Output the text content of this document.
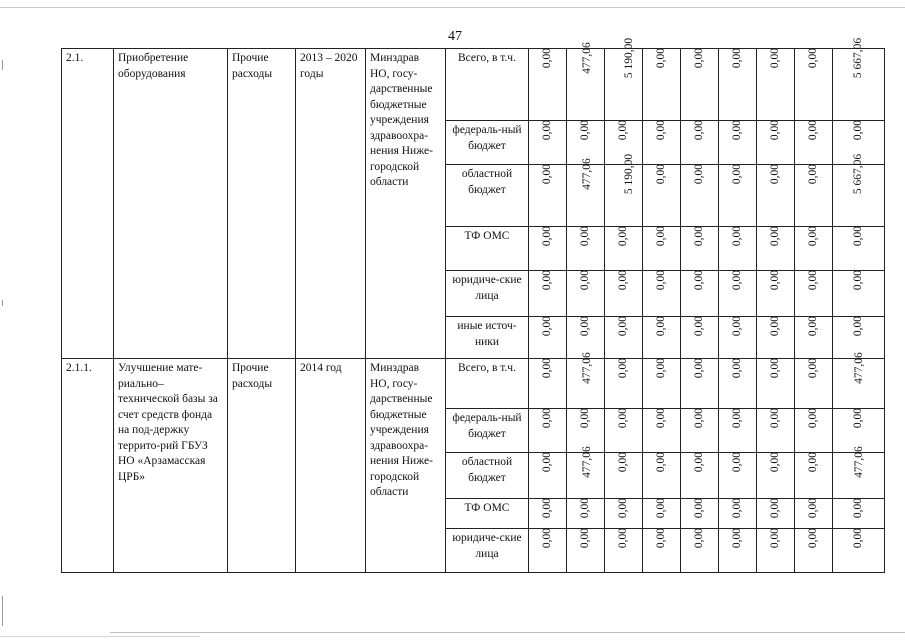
47
2.1.	Приобретение оборудования	Прочие расходы	2013 – 2020 годы	Минздрав НО, госу-дарственные бюджетные учреждения здравоохра-нения Ниже-городской области	Всего, в т.ч.	0,00	477,06	5 190,00	0,00	0,00	0,00	0,00	0,00	5 667,06
					федераль-ный бюджет	0,00	0,00	0,00	0,00	0,00	0,00	0,00	0,00	0,00
					областной бюджет	0,00	477,06	5 190,00	0,00	0,00	0,00	0,00	0,00	5 667,06
					ТФ ОМС	0,00	0,00	0,00	0,00	0,00	0,00	0,00	0,00	0,00
					юридиче-ские лица	0,00	0,00	0,00	0,00	0,00	0,00	0,00	0,00	0,00
					иные источ-ники	0,00	0,00	0,00	0,00	0,00	0,00	0,00	0,00	0,00
2.1.1.	Улучшение мате-риально– технической базы за счет средств фонда на под-держку террито-рий ГБУЗ НО «Арзамасская ЦРБ»	Прочие расходы	2014 год	Минздрав НО, госу-дарственные бюджетные учреждения здравоохра-нения Ниже-городской области	Всего, в т.ч.	0,00	477,06	0,00	0,00	0,00	0,00	0,00	0,00	477,06
					федераль-ный бюджет	0,00	0,00	0,00	0,00	0,00	0,00	0,00	0,00	0,00
					областной бюджет	0,00	477,06	0,00	0,00	0,00	0,00	0,00	0,00	477,06
					ТФ ОМС	0,00	0,00	0,00	0,00	0,00	0,00	0,00	0,00	0,00
					юридиче-ские лица	0,00	0,00	0,00	0,00	0,00	0,00	0,00	0,00	0,00
